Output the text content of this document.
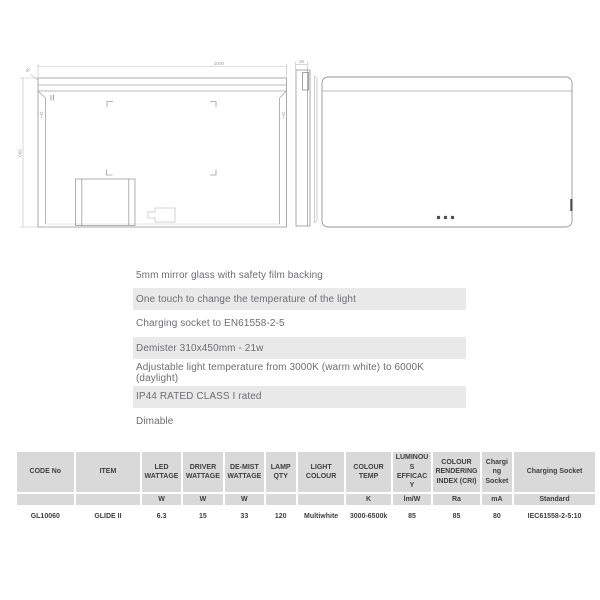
1000
600
40
35
5mm mirror glass with safety film backing
One touch to change the temperature of the light
Charging socket to EN61558-2-5
Demister 310x450mm - 21w
Adjustable light temperature from 3000K (warm white) to 6000K (daylight)
IP44 RATED CLASS I rated
Dimable
CODE No	ITEM	LED WATTAGE	DRIVER WATTAGE	DE-MIST WATTAGE	LAMP QTY	LIGHT COLOUR	COLOUR TEMP	LUMINOUS EFFICACY	COLOUR RENDERING INDEX (CRI)	Charging Socket	Charging Socket
		W	W	W			K	lm/W	Ra	mA	Standard
GL10060	GLIDE II	6.3	15	33	120	Multiwhite	3000-6500k	85	85	80	IEC61558-2-5:10
